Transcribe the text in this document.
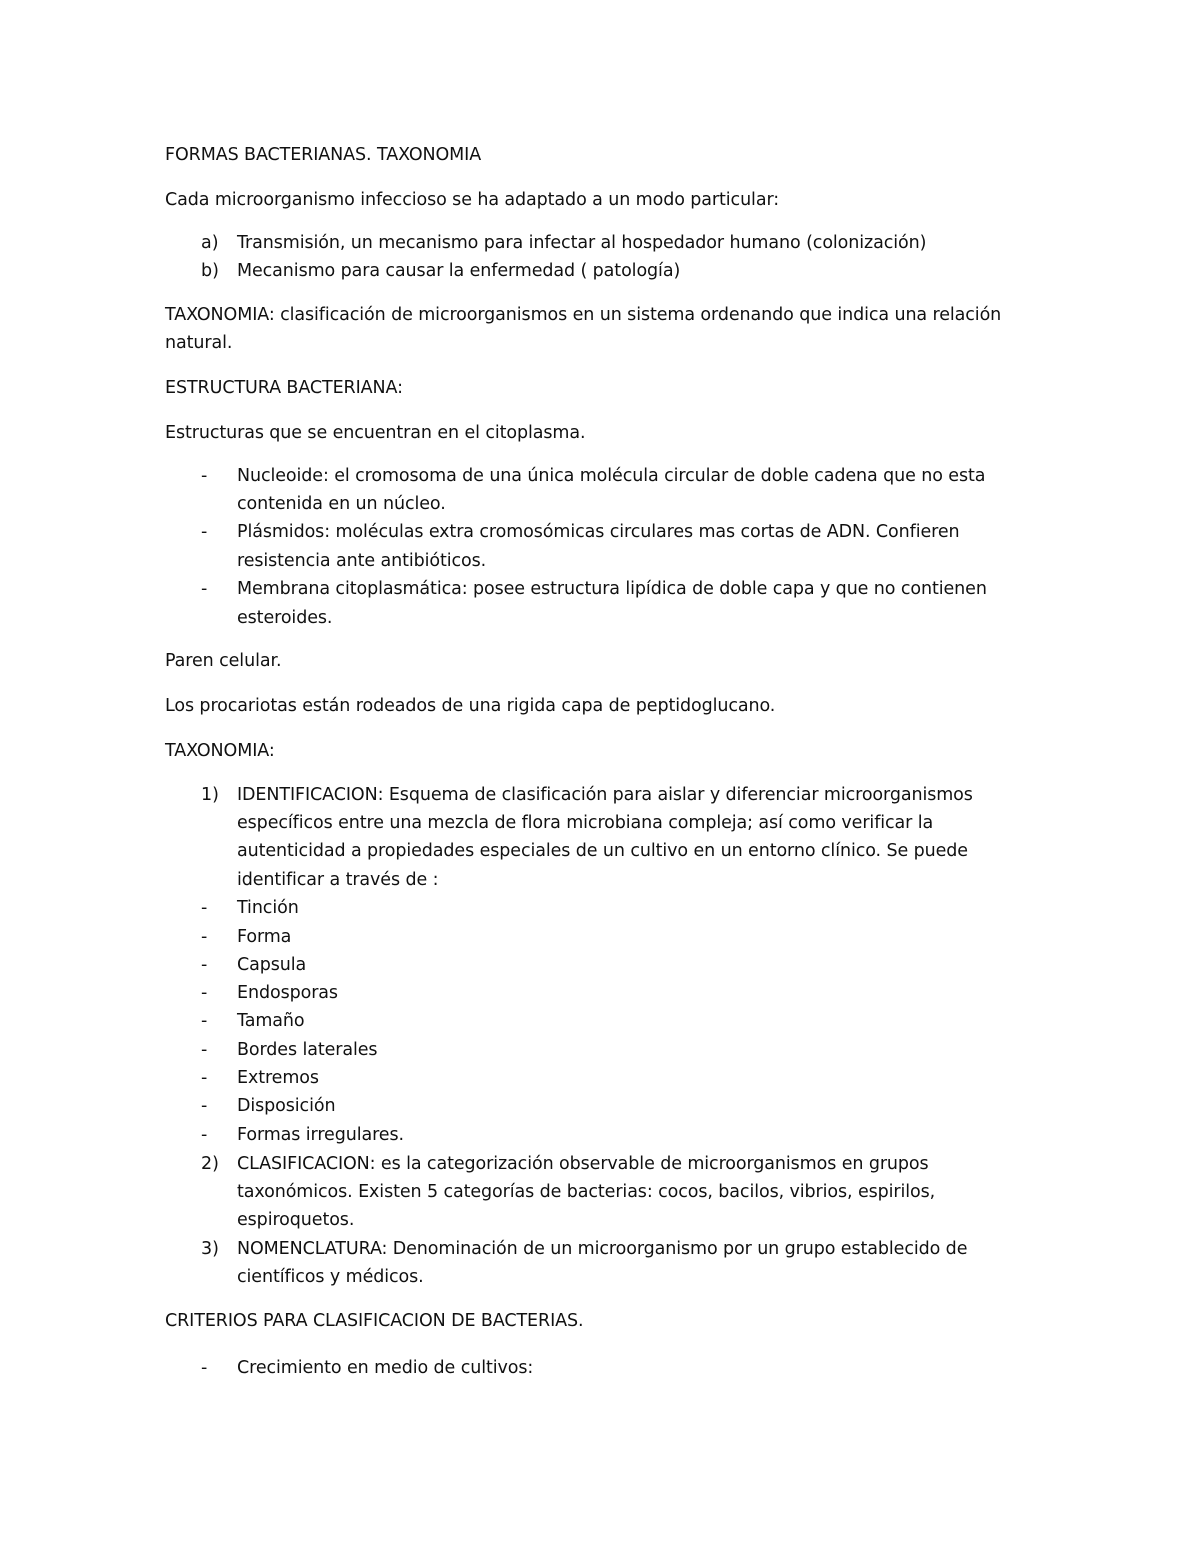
FORMAS BACTERIANAS. TAXONOMIA
Cada microorganismo infeccioso se ha adaptado a un modo particular:
a) Transmisión, un mecanismo para infectar al hospedador humano (colonización)
b) Mecanismo para causar la enfermedad ( patología)
TAXONOMIA: clasificación de microorganismos en un sistema ordenando que indica una relación
natural.
ESTRUCTURA BACTERIANA:
Estructuras que se encuentran en el citoplasma.
- Nucleoide: el cromosoma de una única molécula circular de doble cadena que no esta
contenida en un núcleo.
- Plásmidos: moléculas extra cromosómicas circulares mas cortas de ADN. Confieren
resistencia ante antibióticos.
- Membrana citoplasmática: posee estructura lipídica de doble capa y que no contienen
esteroides.
Paren celular.
Los procariotas están rodeados de una rigida capa de peptidoglucano.
TAXONOMIA:
1) IDENTIFICACION: Esquema de clasificación para aislar y diferenciar microorganismos
específicos entre una mezcla de flora microbiana compleja; así como verificar la
autenticidad a propiedades especiales de un cultivo en un entorno clínico. Se puede
identificar a través de :
- Tinción
- Forma
- Capsula
- Endosporas
- Tamaño
- Bordes laterales
- Extremos
- Disposición
- Formas irregulares.
2) CLASIFICACION: es la categorización observable de microorganismos en grupos
taxonómicos. Existen 5 categorías de bacterias: cocos, bacilos, vibrios, espirilos,
espiroquetos.
3) NOMENCLATURA: Denominación de un microorganismo por un grupo establecido de
científicos y médicos.
CRITERIOS PARA CLASIFICACION DE BACTERIAS.
- Crecimiento en medio de cultivos:
